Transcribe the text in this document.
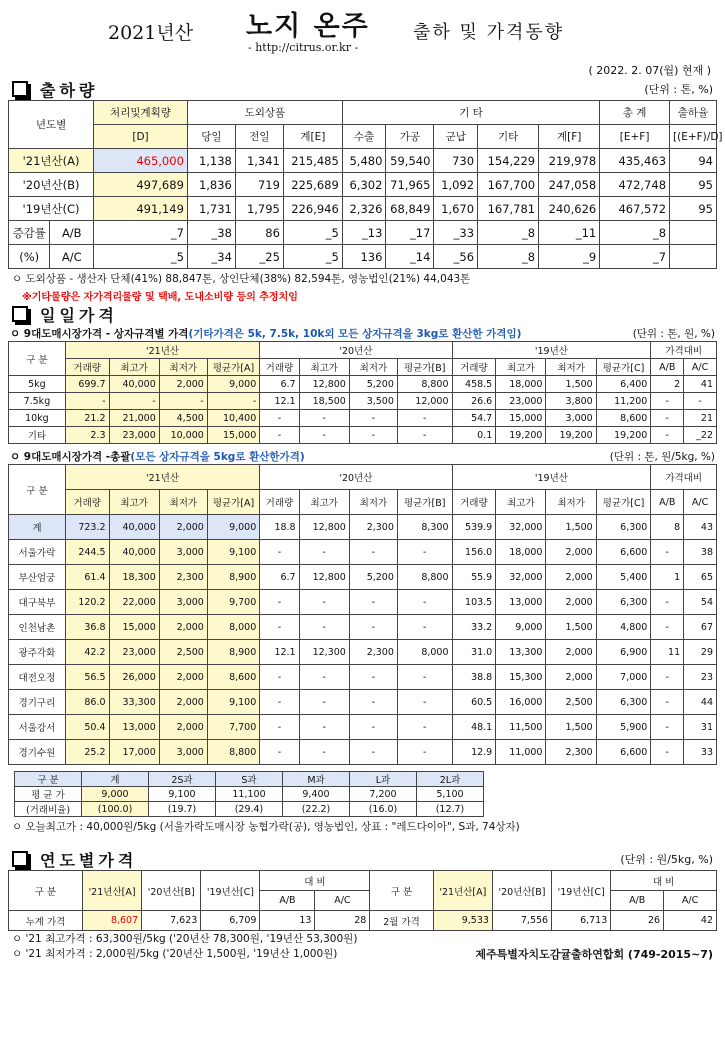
2021년산 노지 온주 출하 및 가격동향
- http://citrus.or.kr -
( 2022. 2. 07(월) 현재 )
출하량	(단위 : 톤, %)
년도별		처리및계획량	도외상품			기 타					총 계	출하율
		[D]	당일	전일	계[E]	수출	가공	군납	기타	계[F]	[E+F]	[(E+F)/D]
'21년산(A)		465,000	1,138	1,341	215,485	5,480	59,540	730	154,229	219,978	435,463	94
'20년산(B)		497,689	1,836	719	225,689	6,302	71,965	1,092	167,700	247,058	472,748	95
'19년산(C)		491,149	1,731	1,795	226,946	2,326	68,849	1,670	167,781	240,626	467,572	95
증감률	A/B	_7	_38	86	_5	_13	_17	_33	_8	_11	_8	
(%)	A/C	_5	_34	_25	_5	136	_14	_56	_8	_9	_7	
ㅇ 도외상품 - 생산자 단체(41%) 88,847톤, 상인단체(38%) 82,594톤, 영농법인(21%) 44,043톤
※기타물량은 자가격리물량 및 택배, 도내소비량 등의 추정치임
일일가격
ㅇ 9대도매시장가격 - 상자규격별 가격 (기타가격은 5k, 7.5k, 10k외 모든 상자규격을 3kg로 환산한 가격임)	(단위 : 톤, 원, %)
구 분	'21년산				'20년산				'19년산				가격대비	
	거래량	최고가	최저가	평균가[A]	거래량	최고가	최저가	평균가[B]	거래량	최고가	최저가	평균가[C]	A/B	A/C
5kg	699.7	40,000	2,000	9,000	6.7	12,800	5,200	8,800	458.5	18,000	1,500	6,400	2	41
7.5kg	-	-	-	-	12.1	18,500	3,500	12,000	26.6	23,000	3,800	11,200	-	-
10kg	21.2	21,000	4,500	10,400	-	-	-	-	54.7	15,000	3,000	8,600	-	21
기타	2.3	23,000	10,000	15,000	-	-	-	-	0.1	19,200	19,200	19,200	-	_22
ㅇ 9대도매시장가격 -총괄 (모든 상자규격을 5kg로 환산한가격)	(단위 : 톤, 원/5kg, %)
구 분	'21년산				'20년산				'19년산				가격대비	
	거래량	최고가	최저가	평균가[A]	거래량	최고가	최저가	평균가[B]	거래량	최고가	최저가	평균가[C]	A/B	A/C
계	723.2	40,000	2,000	9,000	18.8	12,800	2,300	8,300	539.9	32,000	1,500	6,300	8	43
서울가락	244.5	40,000	3,000	9,100	-	-	-	-	156.0	18,000	2,000	6,600	-	38
부산엄궁	61.4	18,300	2,300	8,900	6.7	12,800	5,200	8,800	55.9	32,000	2,000	5,400	1	65
대구북부	120.2	22,000	3,000	9,700	-	-	-	-	103.5	13,000	2,000	6,300	-	54
인천남촌	36.8	15,000	2,000	8,000	-	-	-	-	33.2	9,000	1,500	4,800	-	67
광주각화	42.2	23,000	2,500	8,900	12.1	12,300	2,300	8,000	31.0	13,300	2,000	6,900	11	29
대전오정	56.5	26,000	2,000	8,600	-	-	-	-	38.8	15,300	2,000	7,000	-	23
경기구리	86.0	33,300	2,000	9,100	-	-	-	-	60.5	16,000	2,500	6,300	-	44
서울강서	50.4	13,000	2,000	7,700	-	-	-	-	48.1	11,500	1,500	5,900	-	31
경기수원	25.2	17,000	3,000	8,800	-	-	-	-	12.9	11,000	2,300	6,600	-	33
구 분	계	2S과	S과	M과	L과	2L과
평 균 가	9,000	9,100	11,100	9,400	7,200	5,100
(거래비율)	(100.0)	(19.7)	(29.4)	(22.2)	(16.0)	(12.7)
ㅇ 오늘최고가 : 40,000원/5kg (서울가락도매시장 농협가락(공), 영농법인, 상표 : "레드다이아", S과, 74상자)
연도별가격	(단위 : 원/5kg, %)
구 분	'21년산[A]	'20년산[B]	'19년산[C]	대 비		구 분	'21년산[A]	'20년산[B]	'19년산[C]	대 비	
				A/B	A/C					A/B	A/C
누계 가격	8,607	7,623	6,709	13	28	2월 가격	9,533	7,556	6,713	26	42
ㅇ '21 최고가격 : 63,300원/5kg ('20년산 78,300원, '19년산 53,300원)
ㅇ '21 최저가격 : 2,000원/5kg ('20년산 1,500원, '19년산 1,000원)	제주특별자치도감귤출하연합회 (749-2015~7)
